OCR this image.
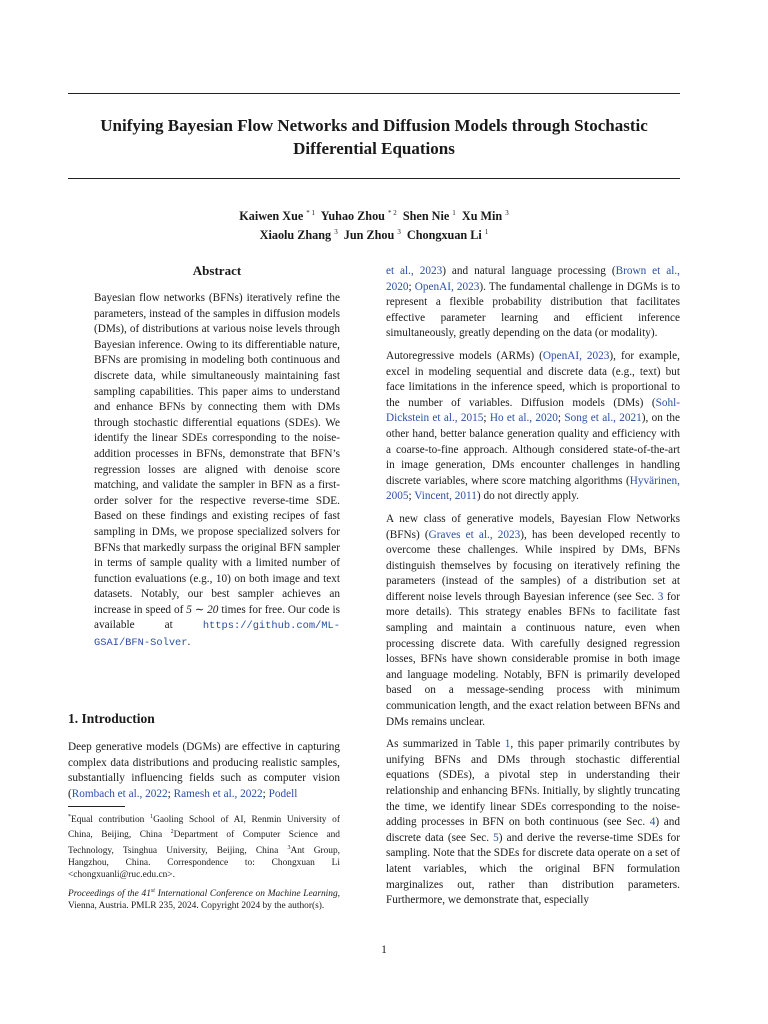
Unifying Bayesian Flow Networks and Diffusion Models through Stochastic Differential Equations
Kaiwen Xue $^{* 1}$ Yuhao Zhou $^{* 2}$ Shen Nie $^1$ Xu Min $^3$
Xiaolu Zhang $^3$ Jun Zhou $^3$ Chongxuan Li $^1$
Abstract

Bayesian flow networks (BFNs) iteratively refine the parameters, instead of the samples in diffusion models (DMs), of distributions at various noise levels through Bayesian inference. Owing to its differentiable nature, BFNs are promising in modeling both continuous and discrete data, while simultaneously maintaining fast sampling capabilities. This paper aims to understand and enhance BFNs by connecting them with DMs through stochastic differential equations (SDEs). We identify the linear SDEs corresponding to the noise-addition processes in BFNs, demonstrate that BFN’s regression losses are aligned with denoise score matching, and validate the sampler in BFN as a first-order solver for the respective reverse-time SDE. Based on these findings and existing recipes of fast sampling in DMs, we propose specialized solvers for BFNs that markedly surpass the original BFN sampler in terms of sample quality with a limited number of function evaluations (e.g., 10) on both image and text datasets. Notably, our best sampler achieves an increase in speed of 5 ∼ 20 times for free. Our code is available at https://github.com/ML-GSAI/BFN-Solver.

1. Introduction

Deep generative models (DGMs) are effective in capturing complex data distributions and producing realistic samples, substantially influencing fields such as computer vision (Rombach et al., 2022; Ramesh et al., 2022; Podell

*Equal contribution $^1$Gaoling School of AI, Renmin University of China, Beijing, China $^2$Department of Computer Science and Technology, Tsinghua University, Beijing, China $^3$Ant Group, Hangzhou, China. Correspondence to: Chongxuan Li <chongxuanli@ruc.edu.cn>.

Proceedings of the 41st International Conference on Machine Learning, Vienna, Austria. PMLR 235, 2024. Copyright 2024 by the author(s).

et al., 2023) and natural language processing (Brown et al., 2020; OpenAI, 2023). The fundamental challenge in DGMs is to represent a flexible probability distribution that facilitates effective parameter learning and efficient inference simultaneously, greatly depending on the data (or modality).

Autoregressive models (ARMs) (OpenAI, 2023), for example, excel in modeling sequential and discrete data (e.g., text) but face limitations in the inference speed, which is proportional to the number of variables. Diffusion models (DMs) (Sohl-Dickstein et al., 2015; Ho et al., 2020; Song et al., 2021), on the other hand, better balance generation quality and efficiency with a coarse-to-fine approach. Although considered state-of-the-art in image generation, DMs encounter challenges in handling discrete variables, where score matching algorithms (Hyvärinen, 2005; Vincent, 2011) do not directly apply.

A new class of generative models, Bayesian Flow Networks (BFNs) (Graves et al., 2023), has been developed recently to overcome these challenges. While inspired by DMs, BFNs distinguish themselves by focusing on iteratively refining the parameters (instead of the samples) of a distribution set at different noise levels through Bayesian inference (see Sec. 3 for more details). This strategy enables BFNs to facilitate fast sampling and maintain a continuous nature, even when processing discrete data. With carefully designed regression losses, BFNs have shown considerable promise in both image and language modeling. Notably, BFN is primarily developed based on a message-sending process with minimum communication length, and the exact relation between BFNs and DMs remains unclear.

As summarized in Table 1, this paper primarily contributes by unifying BFNs and DMs through stochastic differential equations (SDEs), a pivotal step in understanding their relationship and enhancing BFNs. Initially, by slightly truncating the time, we identify linear SDEs corresponding to the noise-adding processes in BFN on both continuous (see Sec. 4) and discrete data (see Sec. 5) and derive the reverse-time SDEs for sampling. Note that the SDEs for discrete data operate on a set of latent variables, which the original BFN formulation marginalizes out, rather than distribution parameters. Furthermore, we demonstrate that, especially

1
